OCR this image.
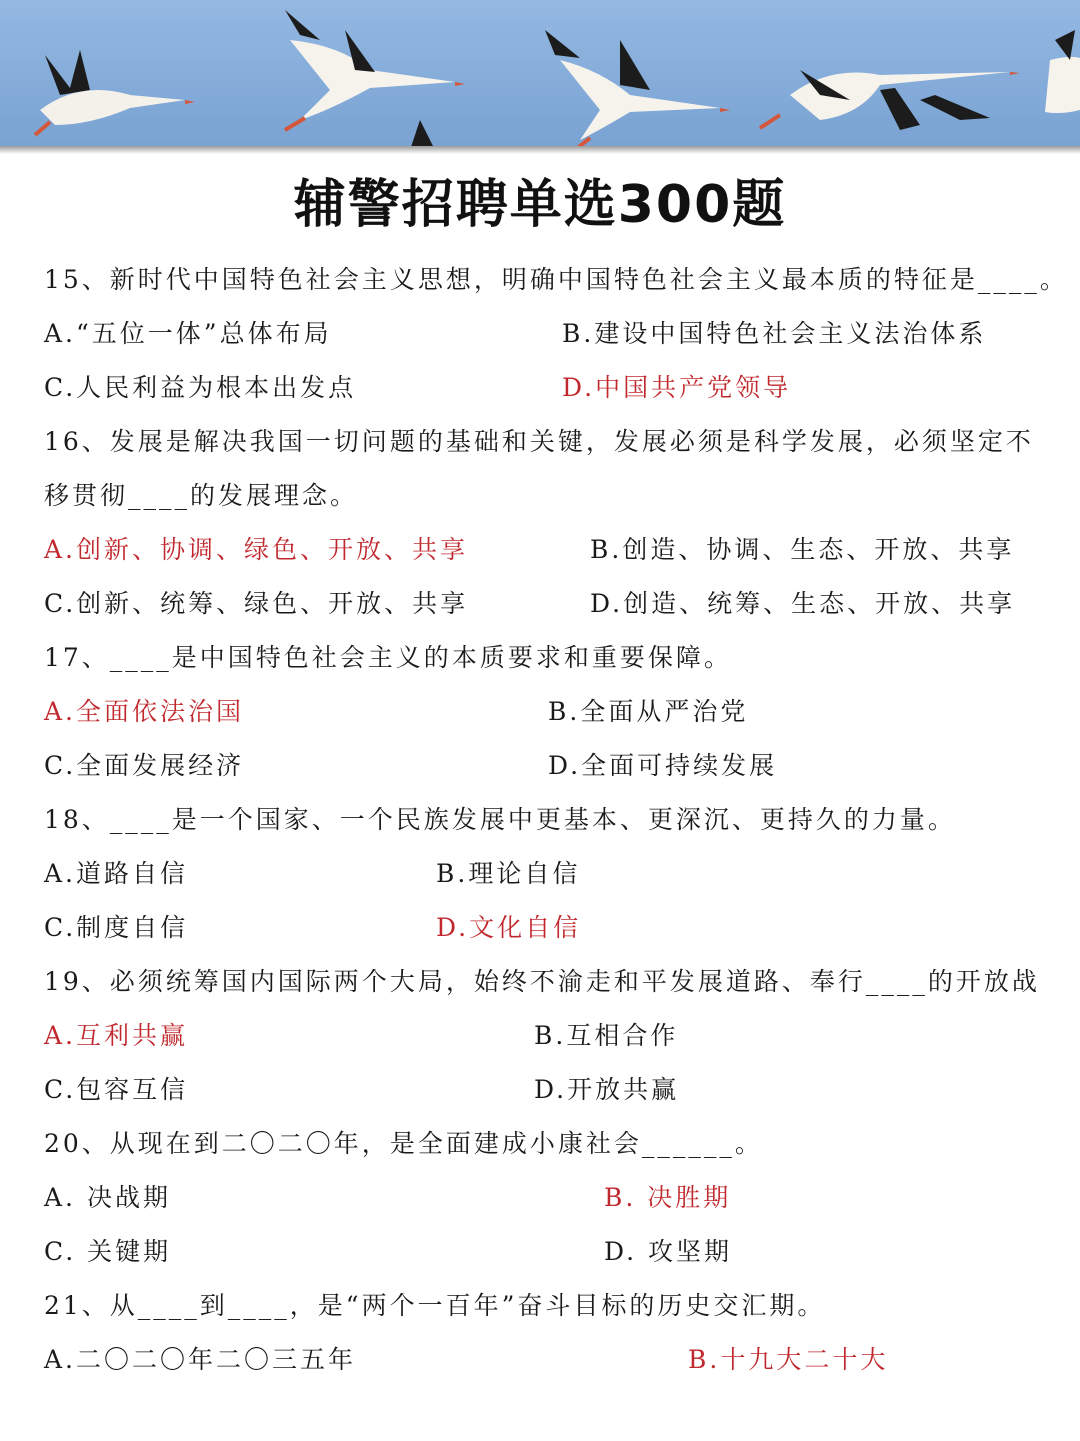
辅警招聘单选300题
15、新时代中国特色社会主义思想，明确中国特色社会主义最本质的特征是____。
A.“五位一体”总体布局	B.建设中国特色社会主义法治体系
C.人民利益为根本出发点	D.中国共产党领导
16、发展是解决我国一切问题的基础和关键，发展必须是科学发展，必须坚定不
移贯彻____的发展理念。
A.创新、协调、绿色、开放、共享	B.创造、协调、生态、开放、共享
C.创新、统筹、绿色、开放、共享	D.创造、统筹、生态、开放、共享
17、____是中国特色社会主义的本质要求和重要保障。
A.全面依法治国	B.全面从严治党
C.全面发展经济	D.全面可持续发展
18、____是一个国家、一个民族发展中更基本、更深沉、更持久的力量。
A.道路自信	B.理论自信
C.制度自信	D.文化自信
19、必须统筹国内国际两个大局，始终不渝走和平发展道路、奉行____的开放战
A.互利共赢	B.互相合作
C.包容互信	D.开放共赢
20、从现在到二〇二〇年，是全面建成小康社会______。
A. 决战期	B. 决胜期
C. 关键期	D. 攻坚期
21、从____到____，是“两个一百年”奋斗目标的历史交汇期。
A.二〇二〇年二〇三五年	B.十九大二十大
